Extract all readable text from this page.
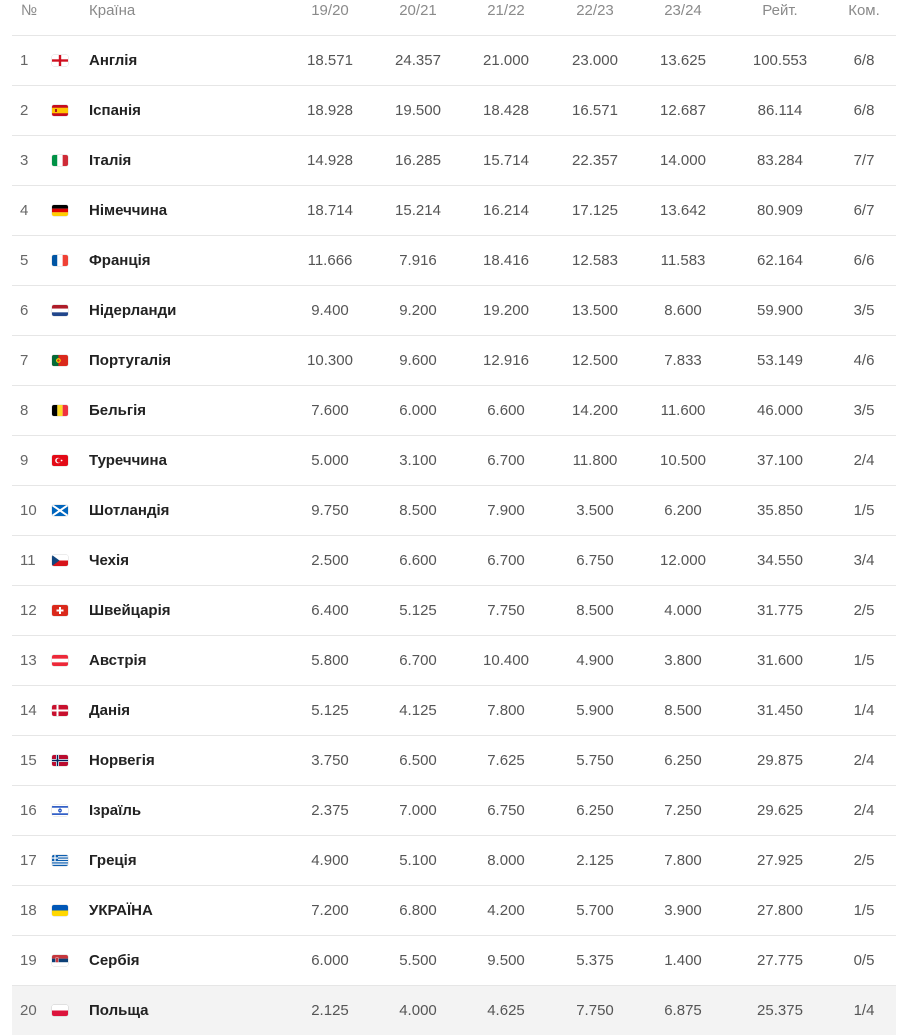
№	Країна	19/20	20/21	21/22	22/23	23/24	Рейт.	Ком.
1	Англія	18.571	24.357	21.000	23.000	13.625	100.553	6/8
2	Іспанія	18.928	19.500	18.428	16.571	12.687	86.114	6/8
3	Італія	14.928	16.285	15.714	22.357	14.000	83.284	7/7
4	Німеччина	18.714	15.214	16.214	17.125	13.642	80.909	6/7
5	Франція	11.666	7.916	18.416	12.583	11.583	62.164	6/6
6	Нідерланди	9.400	9.200	19.200	13.500	8.600	59.900	3/5
7	Португалія	10.300	9.600	12.916	12.500	7.833	53.149	4/6
8	Бельгія	7.600	6.000	6.600	14.200	11.600	46.000	3/5
9	Туреччина	5.000	3.100	6.700	11.800	10.500	37.100	2/4
10	Шотландія	9.750	8.500	7.900	3.500	6.200	35.850	1/5
11	Чехія	2.500	6.600	6.700	6.750	12.000	34.550	3/4
12	Швейцарія	6.400	5.125	7.750	8.500	4.000	31.775	2/5
13	Австрія	5.800	6.700	10.400	4.900	3.800	31.600	1/5
14	Данія	5.125	4.125	7.800	5.900	8.500	31.450	1/4
15	Норвегія	3.750	6.500	7.625	5.750	6.250	29.875	2/4
16	Ізраїль	2.375	7.000	6.750	6.250	7.250	29.625	2/4
17	Греція	4.900	5.100	8.000	2.125	7.800	27.925	2/5
18	УКРАЇНА	7.200	6.800	4.200	5.700	3.900	27.800	1/5
19	Сербія	6.000	5.500	9.500	5.375	1.400	27.775	0/5
20	Польща	2.125	4.000	4.625	7.750	6.875	25.375	1/4
